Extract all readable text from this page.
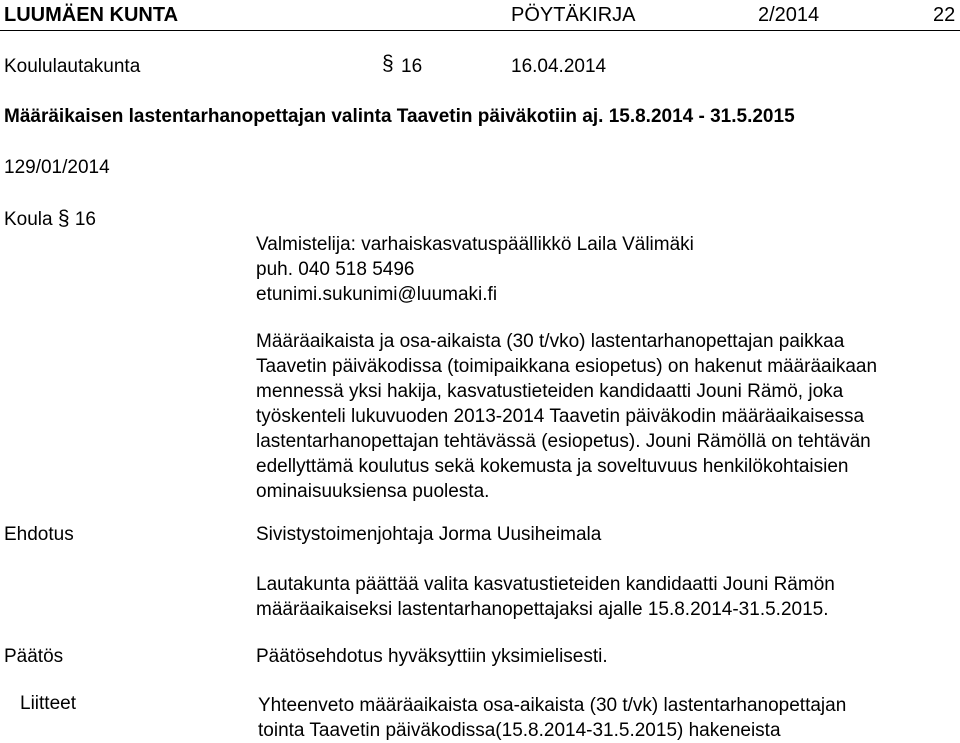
LUUMÄEN KUNTA	PÖYTÄKIRJA	2/2014	22
Koululautakunta	§ 16	16.04.2014
Määräikaisen lastentarhanopettajan valinta Taavetin päiväkotiin aj. 15.8.2014 - 31.5.2015
129/01/2014
Koula § 16
Valmistelija: varhaiskasvatuspäällikkö Laila Välimäki
puh. 040 518 5496
etunimi.sukunimi@luumaki.fi
Määräaikaista ja osa-aikaista (30 t/vko) lastentarhanopettajan paikkaa
Taavetin päiväkodissa (toimipaikkana esiopetus) on hakenut määräaikaan
mennessä yksi hakija, kasvatustieteiden kandidaatti Jouni Rämö, joka
työskenteli lukuvuoden 2013-2014 Taavetin päiväkodin määräaikaisessa
lastentarhanopettajan tehtävässä (esiopetus). Jouni Rämöllä on tehtävän
edellyttämä koulutus sekä kokemusta ja soveltuvuus henkilökohtaisien
ominaisuuksiensa puolesta.
Ehdotus	Sivistystoimenjohtaja Jorma Uusiheimala
Lautakunta päättää valita kasvatustieteiden kandidaatti Jouni Rämön
määräaikaiseksi lastentarhanopettajaksi ajalle 15.8.2014-31.5.2015.
Päätös	Päätösehdotus hyväksyttiin yksimielisesti.
Liitteet	Yhteenveto määräaikaista osa-aikaista (30 t/vk) lastentarhanopettajan
tointa Taavetin päiväkodissa(15.8.2014-31.5.2015) hakeneista
